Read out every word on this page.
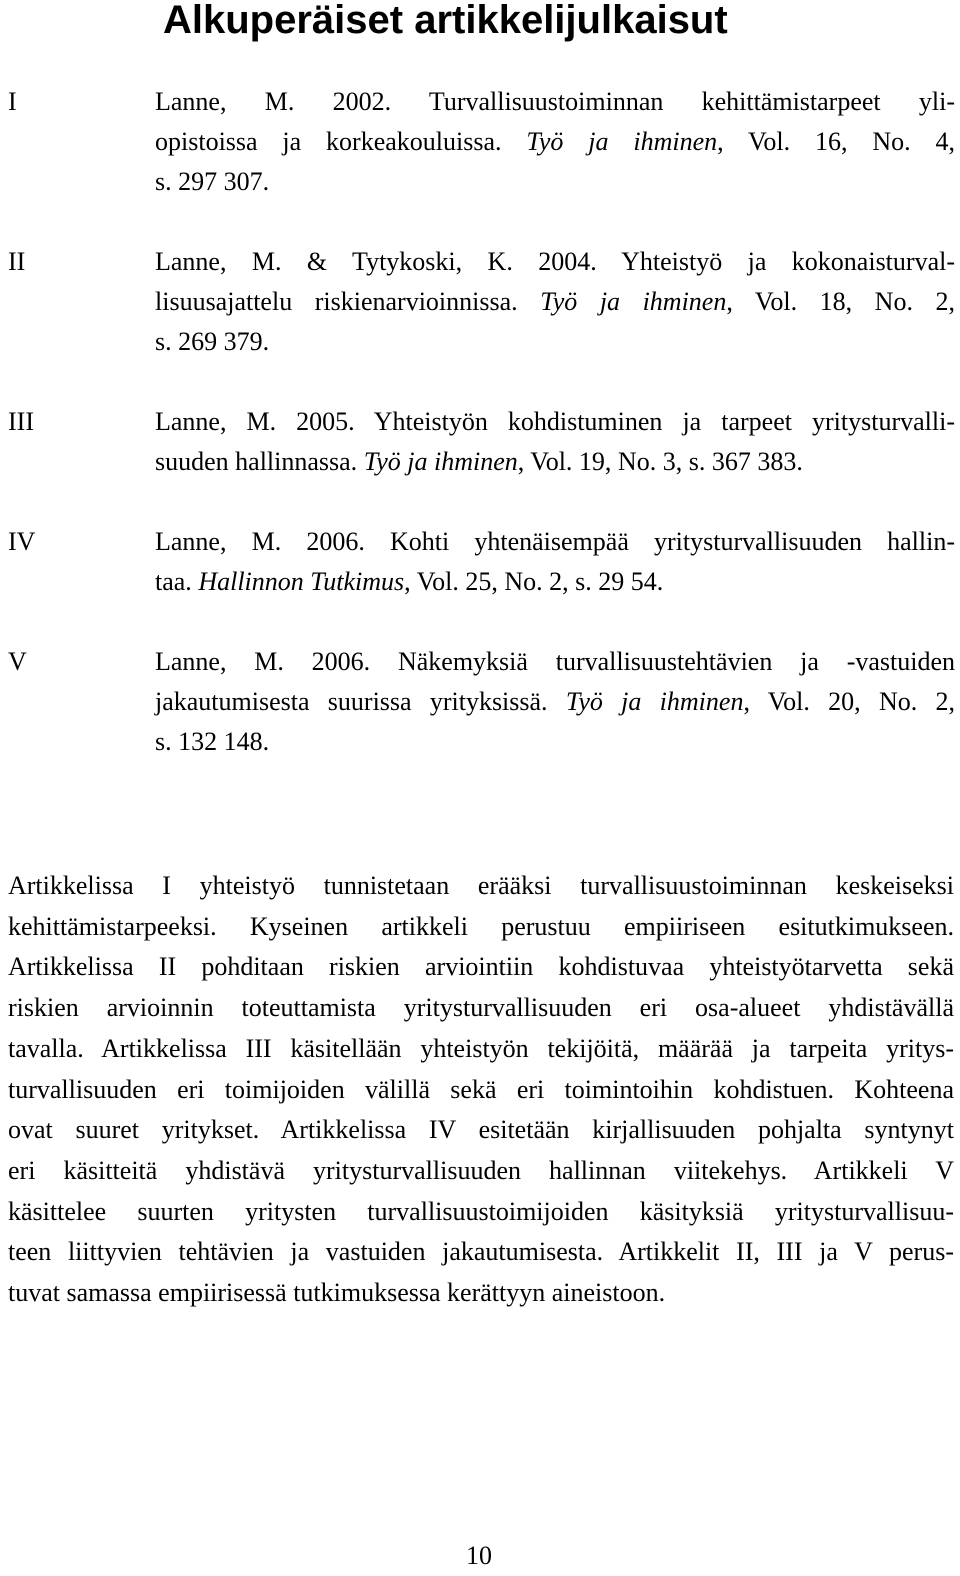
Alkuperäiset artikkelijulkaisut
I	Lanne, M. 2002. Turvallisuustoiminnan kehittämistarpeet yli-
opistoissa ja korkeakouluissa. Työ ja ihminen, Vol. 16, No. 4,
s. 297 307.
II	Lanne, M. & Tytykoski, K. 2004. Yhteistyö ja kokonaisturval-
lisuusajattelu riskienarvioinnissa. Työ ja ihminen, Vol. 18, No. 2,
s. 269 379.
III	Lanne, M. 2005. Yhteistyön kohdistuminen ja tarpeet yritysturvalli-
suuden hallinnassa. Työ ja ihminen, Vol. 19, No. 3, s. 367 383.
IV	Lanne, M. 2006. Kohti yhtenäisempää yritysturvallisuuden hallin-
taa. Hallinnon Tutkimus, Vol. 25, No. 2, s. 29 54.
V	Lanne, M. 2006. Näkemyksiä turvallisuustehtävien ja -vastuiden
jakautumisesta suurissa yrityksissä. Työ ja ihminen, Vol. 20, No. 2,
s. 132 148.
Artikkelissa I yhteistyö tunnistetaan erääksi turvallisuustoiminnan keskeiseksi
kehittämistarpeeksi. Kyseinen artikkeli perustuu empiiriseen esitutkimukseen.
Artikkelissa II pohditaan riskien arviointiin kohdistuvaa yhteistyötarvetta sekä
riskien arvioinnin toteuttamista yritysturvallisuuden eri osa-alueet yhdistävällä
tavalla. Artikkelissa III käsitellään yhteistyön tekijöitä, määrää ja tarpeita yritys-
turvallisuuden eri toimijoiden välillä sekä eri toimintoihin kohdistuen. Kohteena
ovat suuret yritykset. Artikkelissa IV esitetään kirjallisuuden pohjalta syntynyt
eri käsitteitä yhdistävä yritysturvallisuuden hallinnan viitekehys. Artikkeli V
käsittelee suurten yritysten turvallisuustoimijoiden käsityksiä yritysturvallisuu-
teen liittyvien tehtävien ja vastuiden jakautumisesta. Artikkelit II, III ja V perus-
tuvat samassa empiirisessä tutkimuksessa kerättyyn aineistoon.
10
